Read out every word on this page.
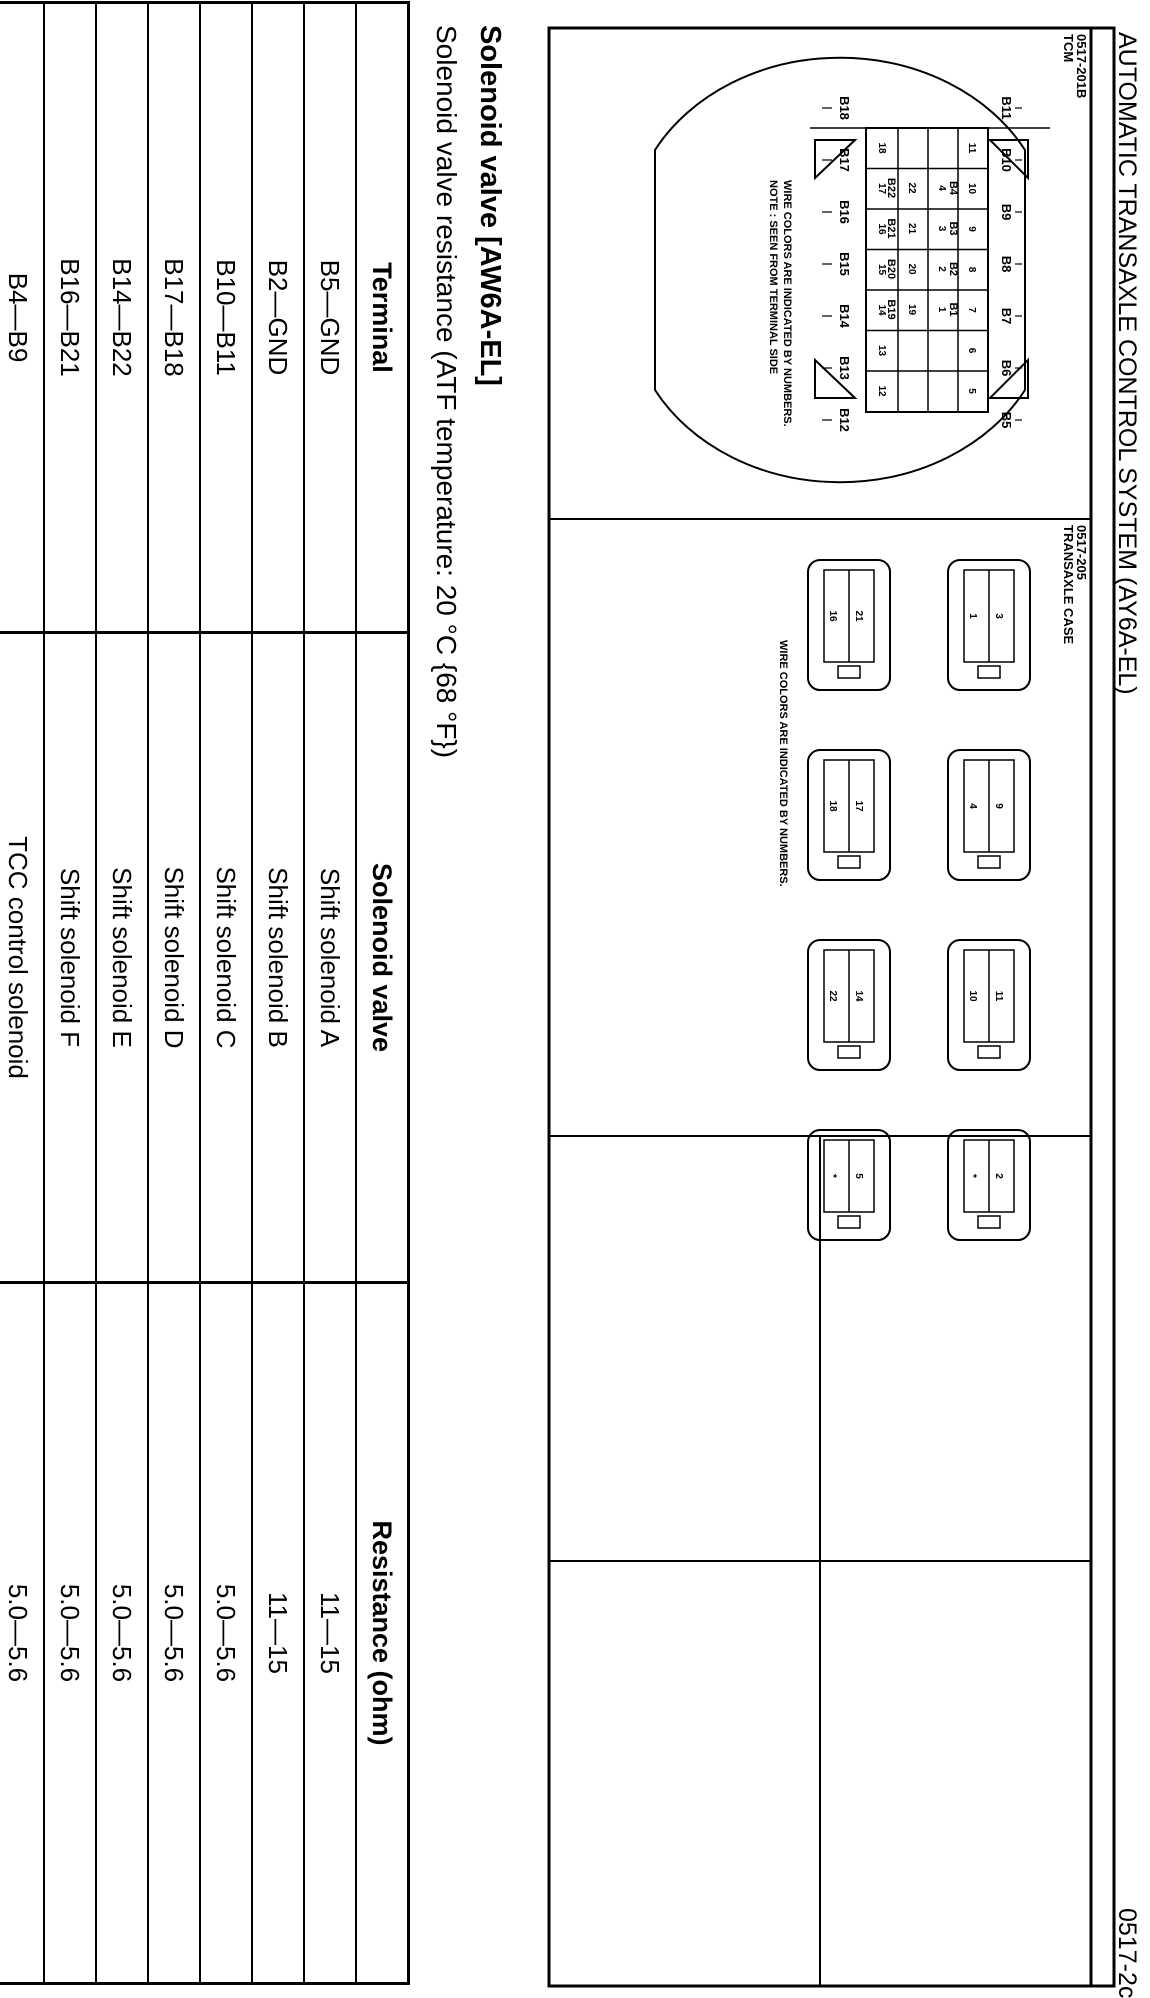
AUTOMATIC TRANSAXLE CONTROL SYSTEM (AY6A-EL)
0517-2c
0517-201B
TCM
11
10
9
8
7
6
5
18
17
16
15
14
13
12
4
3
2
1
22
21
20
19
B11
B10
B9
B8
B7
B6
B5
B18
B17
B16
B15
B14
B13
B12
B4
B3
B2
B1
B22
B21
B20
B19
WIRE COLORS ARE INDICATED BY NUMBERS.
NOTE : SEEN FROM TERMINAL SIDE
0517-205
TRANSAXLE CASE
3
1
9
4
11
10
2
*
21
16
17
18
14
22
5
*
WIRE COLORS ARE INDICATED BY NUMBERS.
Solenoid valve [AW6A-EL]

Solenoid valve resistance (ATF temperature: 20 °C {68 °F})

Terminal	Solenoid valve	Resistance (ohm)
B5—GND	Shift solenoid A	11—15
B2—GND	Shift solenoid B	11—15
B10—B11	Shift solenoid C	5.0—5.6
B17—B18	Shift solenoid D	5.0—5.6
B14—B22	Shift solenoid E	5.0—5.6
B16—B21	Shift solenoid F	5.0—5.6
B4—B9	TCC control solenoid	5.0—5.6
